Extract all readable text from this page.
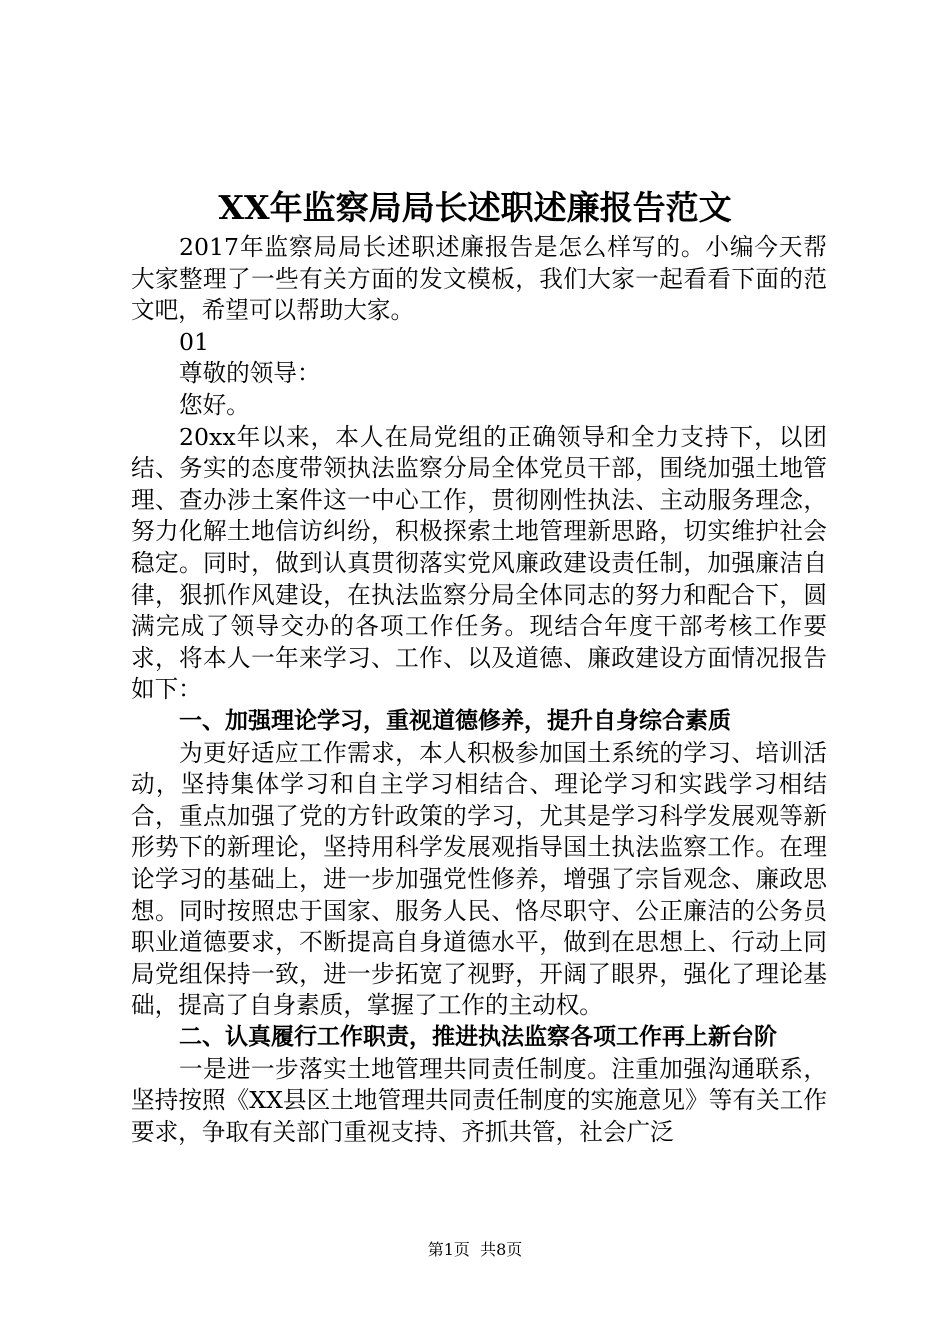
XX年监察局局长述职述廉报告范文

2017年监察局局长述职述廉报告是怎么样写的。小编今天帮大家整理了一些有关方面的发文模板，我们大家一起看看下面的范文吧，希望可以帮助大家。

01

尊敬的领导：

您好。

20xx年以来，本人在局党组的正确领导和全力支持下，以团结、务实的态度带领执法监察分局全体党员干部，围绕加强土地管理、查办涉土案件这一中心工作，贯彻刚性执法、主动服务理念，努力化解土地信访纠纷，积极探索土地管理新思路，切实维护社会稳定。同时，做到认真贯彻落实党风廉政建设责任制，加强廉洁自律，狠抓作风建设，在执法监察分局全体同志的努力和配合下，圆满完成了领导交办的各项工作任务。现结合年度干部考核工作要求，将本人一年来学习、工作、以及道德、廉政建设方面情况报告如下：

一、加强理论学习，重视道德修养，提升自身综合素质

为更好适应工作需求，本人积极参加国土系统的学习、培训活动，坚持集体学习和自主学习相结合、理论学习和实践学习相结合，重点加强了党的方针政策的学习，尤其是学习科学发展观等新形势下的新理论，坚持用科学发展观指导国土执法监察工作。在理论学习的基础上，进一步加强党性修养，增强了宗旨观念、廉政思想。同时按照忠于国家、服务人民、恪尽职守、公正廉洁的公务员职业道德要求，不断提高自身道德水平，做到在思想上、行动上同局党组保持一致，进一步拓宽了视野，开阔了眼界，强化了理论基础，提高了自身素质，掌握了工作的主动权。

二、认真履行工作职责，推进执法监察各项工作再上新台阶

一是进一步落实土地管理共同责任制度。注重加强沟通联系，坚持按照《XX县区土地管理共同责任制度的实施意见》等有关工作要求，争取有关部门重视支持、齐抓共管，社会广泛

第1页  共8页
